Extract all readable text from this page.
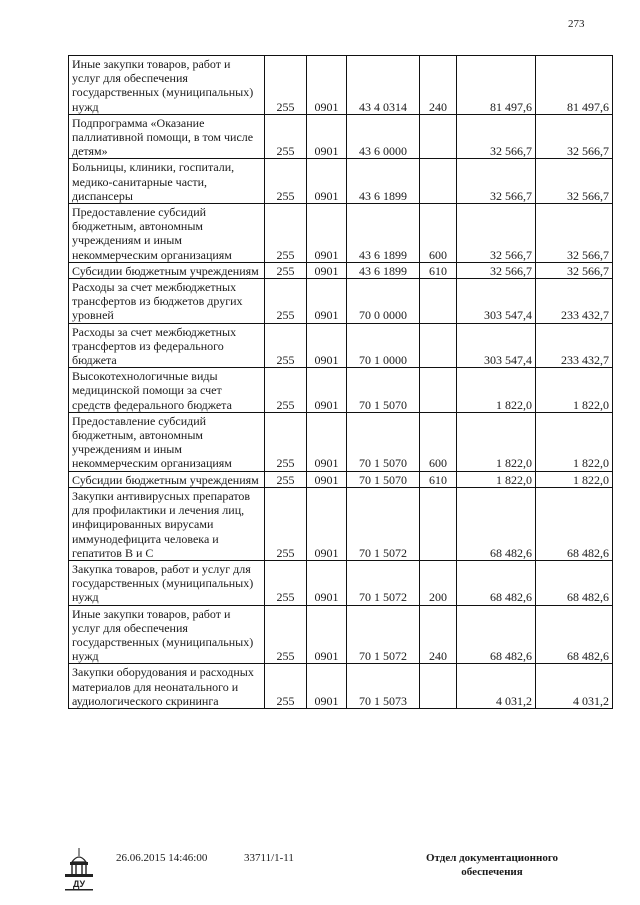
273
Иные закупки товаров, работ и услуг для обеспечения государственных (муниципальных) нужд	255	0901	43 4 0314	240	81 497,6	81 497,6
Подпрограмма «Оказание паллиативной помощи, в том числе детям»	255	0901	43 6 0000		32 566,7	32 566,7
Больницы, клиники, госпитали, медико-санитарные части, диспансеры	255	0901	43 6 1899		32 566,7	32 566,7
Предоставление субсидий бюджетным, автономным учреждениям и иным некоммерческим организациям	255	0901	43 6 1899	600	32 566,7	32 566,7
Субсидии бюджетным учреждениям	255	0901	43 6 1899	610	32 566,7	32 566,7
Расходы за счет межбюджетных трансфертов из бюджетов других уровней	255	0901	70 0 0000		303 547,4	233 432,7
Расходы за счет межбюджетных трансфертов из федерального бюджета	255	0901	70 1 0000		303 547,4	233 432,7
Высокотехнологичные виды медицинской помощи за счет средств федерального бюджета	255	0901	70 1 5070		1 822,0	1 822,0
Предоставление субсидий бюджетным, автономным учреждениям и иным некоммерческим организациям	255	0901	70 1 5070	600	1 822,0	1 822,0
Субсидии бюджетным учреждениям	255	0901	70 1 5070	610	1 822,0	1 822,0
Закупки антивирусных препаратов для профилактики и лечения лиц, инфицированных вирусами иммунодефицита человека и гепатитов В и С	255	0901	70 1 5072		68 482,6	68 482,6
Закупка товаров, работ и услуг для государственных (муниципальных) нужд	255	0901	70 1 5072	200	68 482,6	68 482,6
Иные закупки товаров, работ и услуг для обеспечения государственных (муниципальных) нужд	255	0901	70 1 5072	240	68 482,6	68 482,6
Закупки оборудования и расходных материалов для неонатального и аудиологического скрининга	255	0901	70 1 5073		4 031,2	4 031,2
ДУ
26.06.2015 14:46:00	33711/1-11	Отдел документационного
обеспечения
